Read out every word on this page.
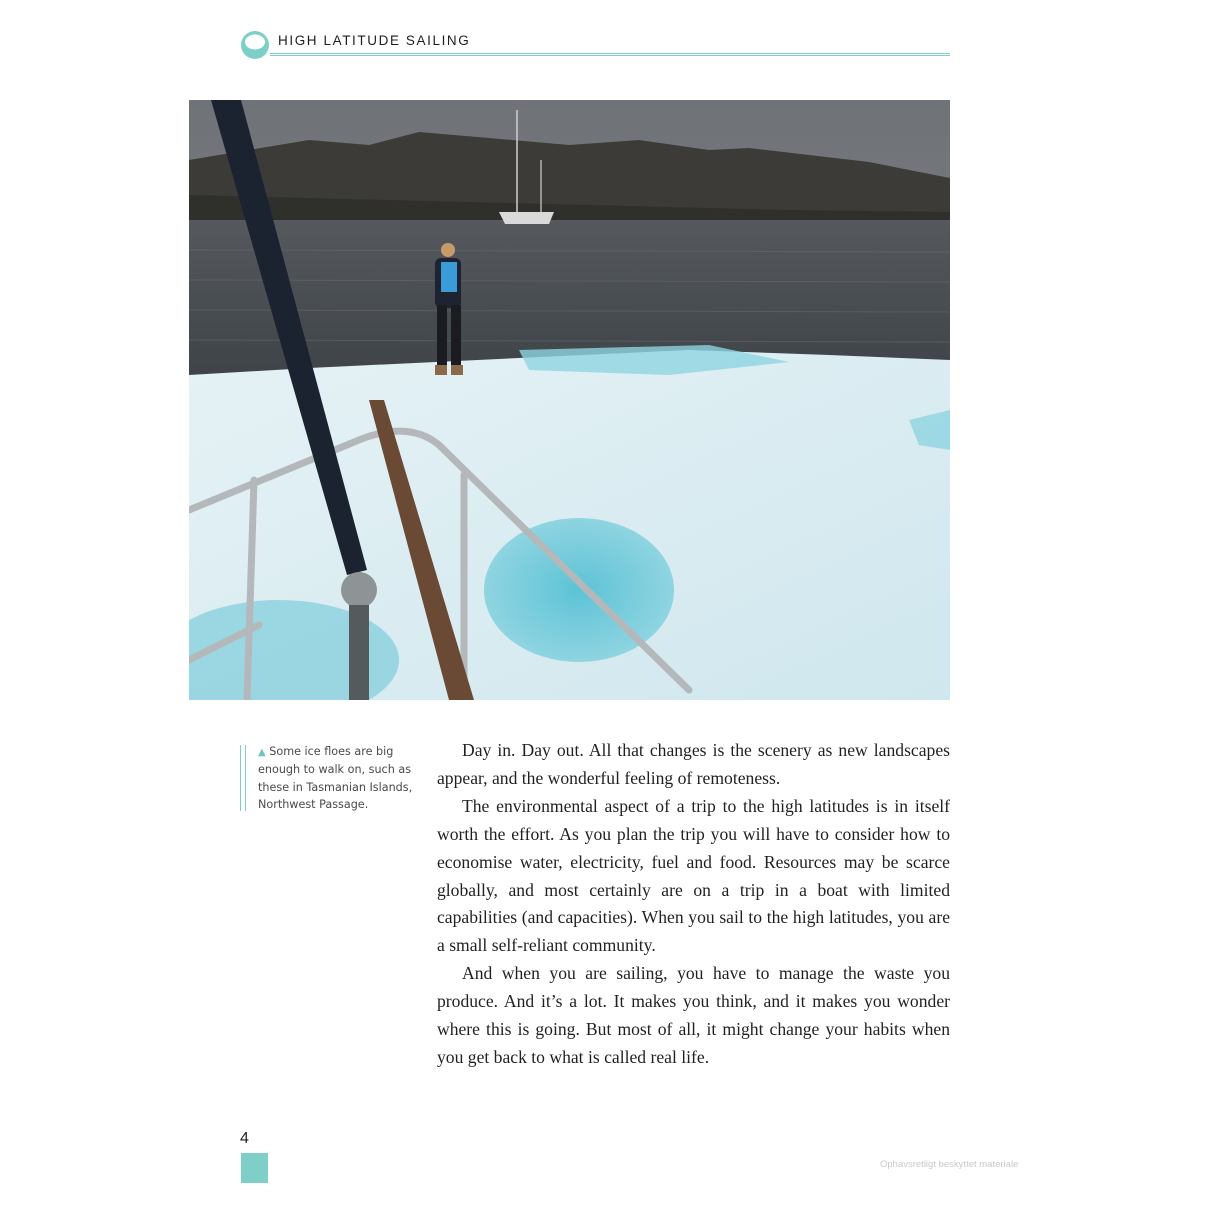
HIGH LATITUDE SAILING
▲ Some ice floes are big enough to walk on, such as these in Tasmanian Islands, Northwest Passage.

Day in. Day out. All that changes is the scenery as new landscapes appear, and the wonderful feeling of remoteness.

The environmental aspect of a trip to the high latitudes is in itself worth the effort. As you plan the trip you will have to consider how to economise water, electricity, fuel and food. Resources may be scarce globally, and most certainly are on a trip in a boat with limited capabilities (and capacities). When you sail to the high latitudes, you are a small self-reliant community.

And when you are sailing, you have to manage the waste you produce. And it’s a lot. It makes you think, and it makes you wonder where this is going. But most of all, it might change your habits when you get back to what is called real life.

4
Ophavsretligt beskyttet materiale
